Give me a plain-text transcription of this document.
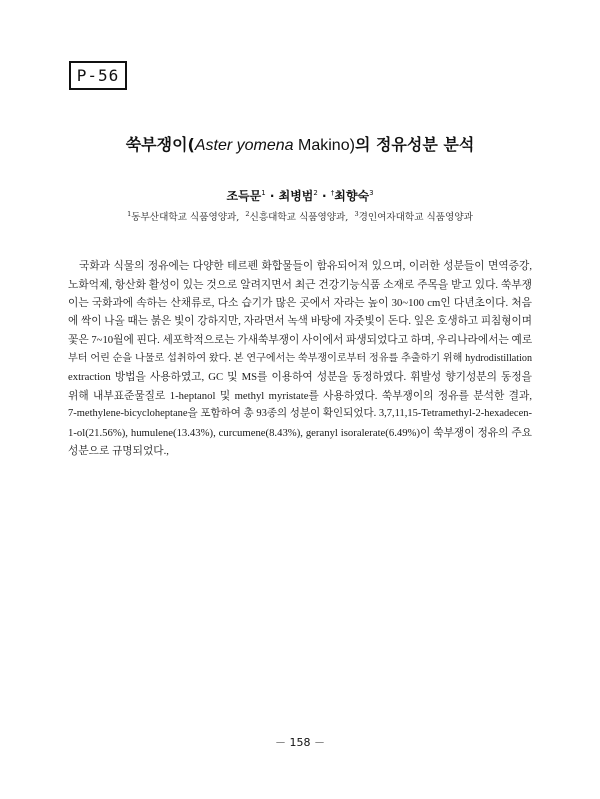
P-56
쑥부쟁이(Aster yomena Makino)의 정유성분 분석
조득문$^1$ · 최병범$^2$ · †최향숙$^3$
$^1$동부산대학교 식품영양과, $^2$신흥대학교 식품영양과, $^3$경인여자대학교 식품영양과
국화과 식물의 정유에는 다양한 테르펜 화합물들이 함유되어져 있으며, 이러한 성분들이 면역증강,
노화억제, 항산화 활성이 있는 것으로 알려지면서 최근 건강기능식품 소재로 주목을 받고 있다. 쑥부쟁
이는 국화과에 속하는 산채류로, 다소 습기가 많은 곳에서 자라는 높이 30~100 cm인 다년초이다. 처음
에 싹이 나올 때는 붉은 빛이 강하지만, 자라면서 녹색 바탕에 자줏빛이 돈다. 잎은 호생하고 피침형이며
꽃은 7~10월에 핀다. 세포학적으로는 가새쑥부쟁이 사이에서 파생되었다고 하며, 우리나라에서는 예로
부터 어린 순을 나물로 섭취하여 왔다. 본 연구에서는 쑥부쟁이로부터 정유를 추출하기 위해 hydrodistillation
extraction 방법을 사용하였고, GC 및 MS를 이용하여 성분을 동정하였다. 휘발성 향기성분의 동정을
위해 내부표준물질로 1-heptanol 및 methyl myristate를 사용하였다. 쑥부쟁이의 정유를 분석한 결과,
7-methylene-bicycloheptane을 포함하여 총 93종의 성분이 확인되었다. 3,7,11,15-Tetramethyl-2-hexadecen-
1-ol(21.56%), humulene(13.43%), curcumene(8.43%), geranyl isoralerate(6.49%)이 쑥부쟁이 정유의 주요
성분으로 규명되었다.,
－ 158 －
